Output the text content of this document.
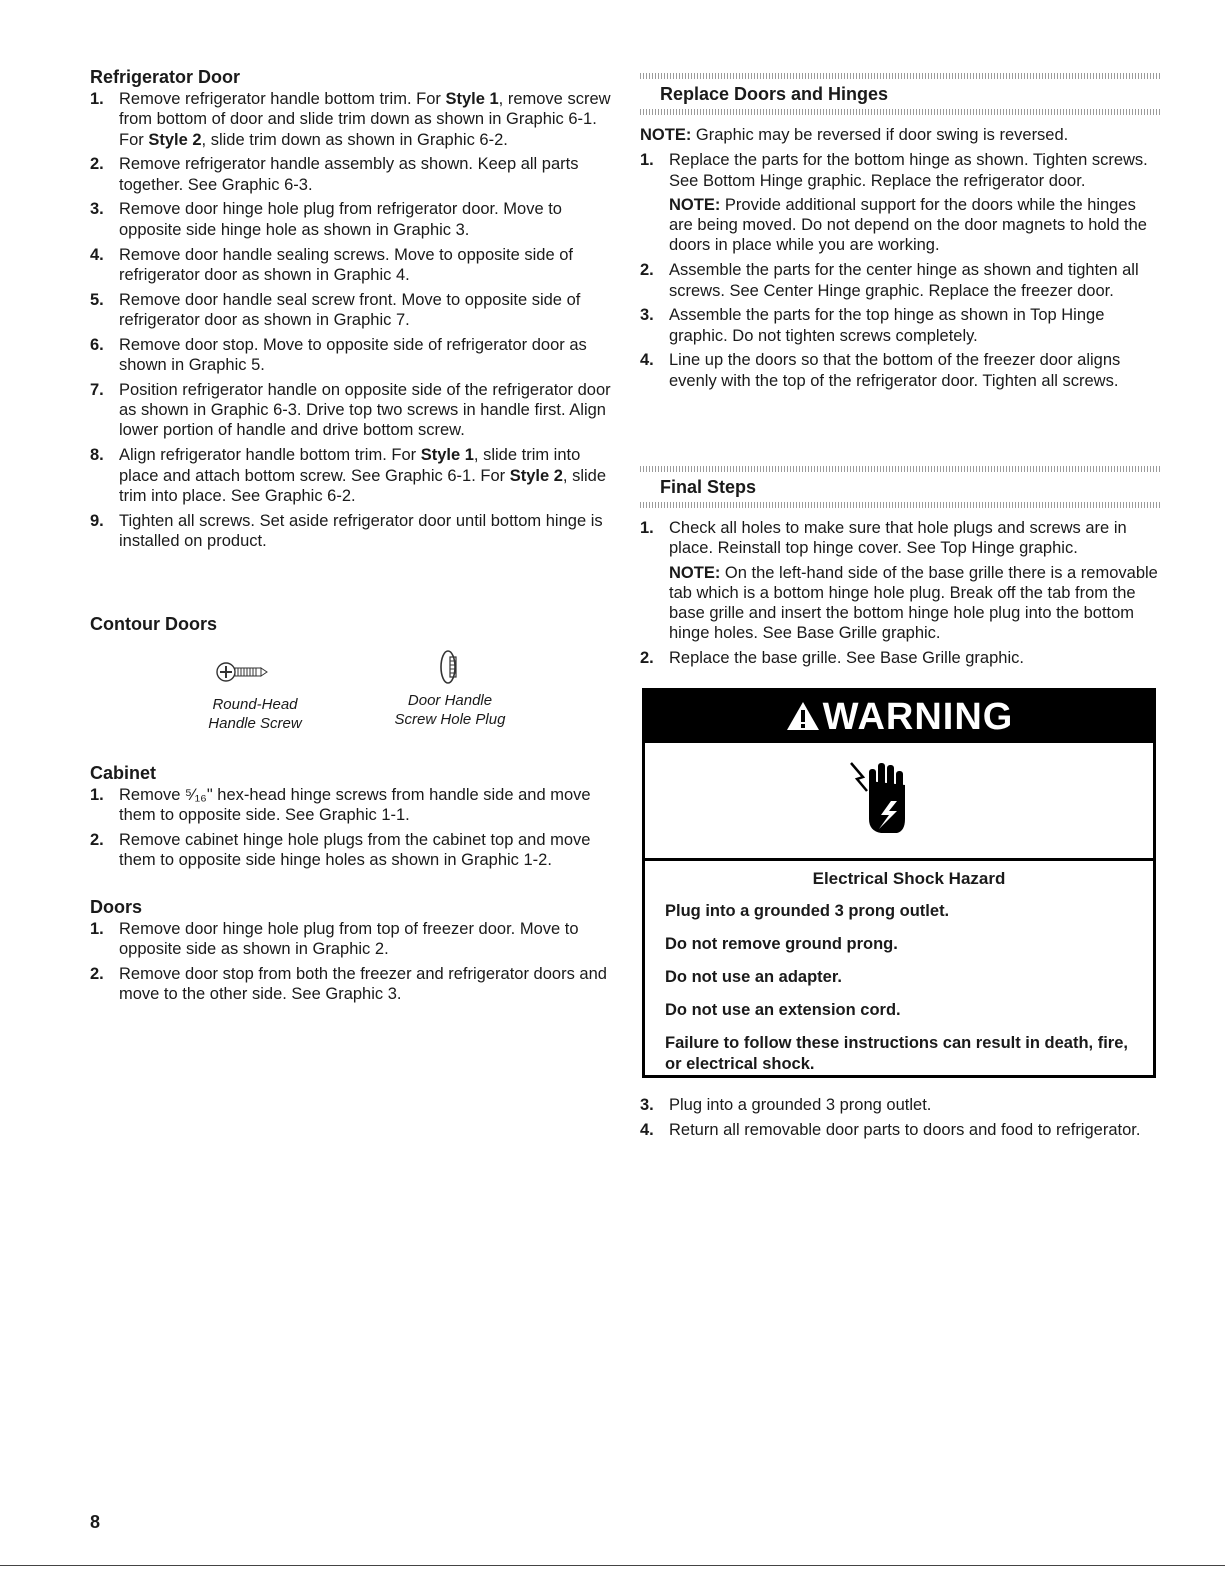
Refrigerator Door
1. Remove refrigerator handle bottom trim. For Style 1, remove screw from bottom of door and slide trim down as shown in Graphic 6-1. For Style 2, slide trim down as shown in Graphic 6-2.
2. Remove refrigerator handle assembly as shown. Keep all parts together. See Graphic 6-3.
3. Remove door hinge hole plug from refrigerator door. Move to opposite side hinge hole as shown in Graphic 3.
4. Remove door handle sealing screws. Move to opposite side of refrigerator door as shown in Graphic 4.
5. Remove door handle seal screw front. Move to opposite side of refrigerator door as shown in Graphic 7.
6. Remove door stop. Move to opposite side of refrigerator door as shown in Graphic 5.
7. Position refrigerator handle on opposite side of the refrigerator door as shown in Graphic 6-3. Drive top two screws in handle first. Align lower portion of handle and drive bottom screw.
8. Align refrigerator handle bottom trim. For Style 1, slide trim into place and attach bottom screw. See Graphic 6-1. For Style 2, slide trim into place. See Graphic 6-2.
9. Tighten all screws. Set aside refrigerator door until bottom hinge is installed on product.
Contour Doors
Round-Head
Handle Screw
Door Handle
Screw Hole Plug
Cabinet
1. Remove ⁵⁄₁₆" hex-head hinge screws from handle side and move them to opposite side. See Graphic 1-1.
2. Remove cabinet hinge hole plugs from the cabinet top and move them to opposite side hinge holes as shown in Graphic 1-2.
Doors
1. Remove door hinge hole plug from top of freezer door. Move to opposite side as shown in Graphic 2.
2. Remove door stop from both the freezer and refrigerator doors and move to the other side. See Graphic 3.
Replace Doors and Hinges

NOTE: Graphic may be reversed if door swing is reversed.

1. Replace the parts for the bottom hinge as shown. Tighten screws. See Bottom Hinge graphic. Replace the refrigerator door.

NOTE: Provide additional support for the doors while the hinges are being moved. Do not depend on the door magnets to hold the doors in place while you are working.

2. Assemble the parts for the center hinge as shown and tighten all screws. See Center Hinge graphic. Replace the freezer door.
3. Assemble the parts for the top hinge as shown in Top Hinge graphic. Do not tighten screws completely.
4. Line up the doors so that the bottom of the freezer door aligns evenly with the top of the refrigerator door. Tighten all screws.
Final Steps
1. Check all holes to make sure that hole plugs and screws are in place. Reinstall top hinge cover. See Top Hinge graphic.

NOTE: On the left-hand side of the base grille there is a removable tab which is a bottom hinge hole plug. Break off the tab from the base grille and insert the bottom hinge hole plug into the bottom hinge holes. See Base Grille graphic.

2. Replace the base grille. See Base Grille graphic.
3. Plug into a grounded 3 prong outlet.
4. Return all removable door parts to doors and food to refrigerator.
WARNING
Electrical Shock Hazard

Plug into a grounded 3 prong outlet.

Do not remove ground prong.

Do not use an adapter.

Do not use an extension cord.

Failure to follow these instructions can result in death, fire, or electrical shock.

8
